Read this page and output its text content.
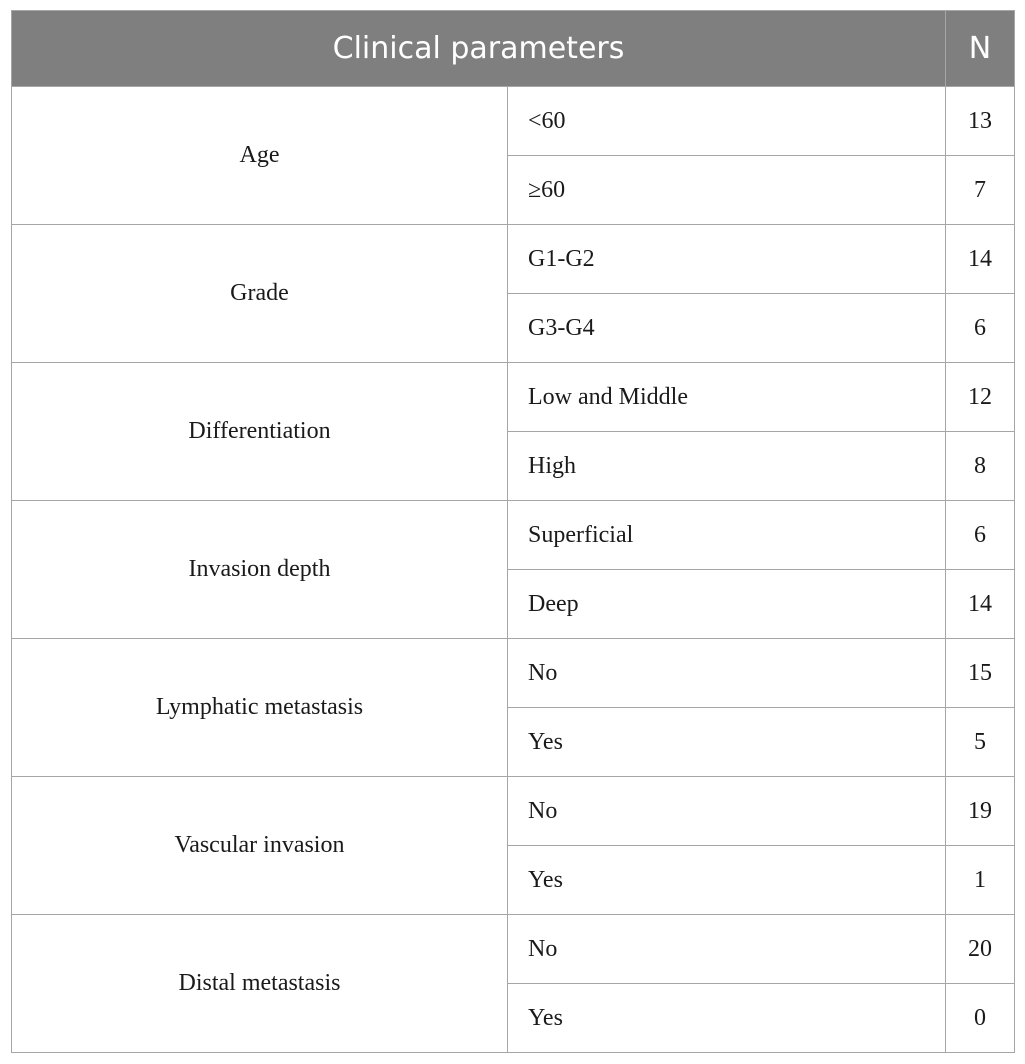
Clinical parameters		N
Age	<60	13
	≥60	7
Grade	G1-G2	14
	G3-G4	6
Differentiation	Low and Middle	12
	High	8
Invasion depth	Superficial	6
	Deep	14
Lymphatic metastasis	No	15
	Yes	5
Vascular invasion	No	19
	Yes	1
Distal metastasis	No	20
	Yes	0
